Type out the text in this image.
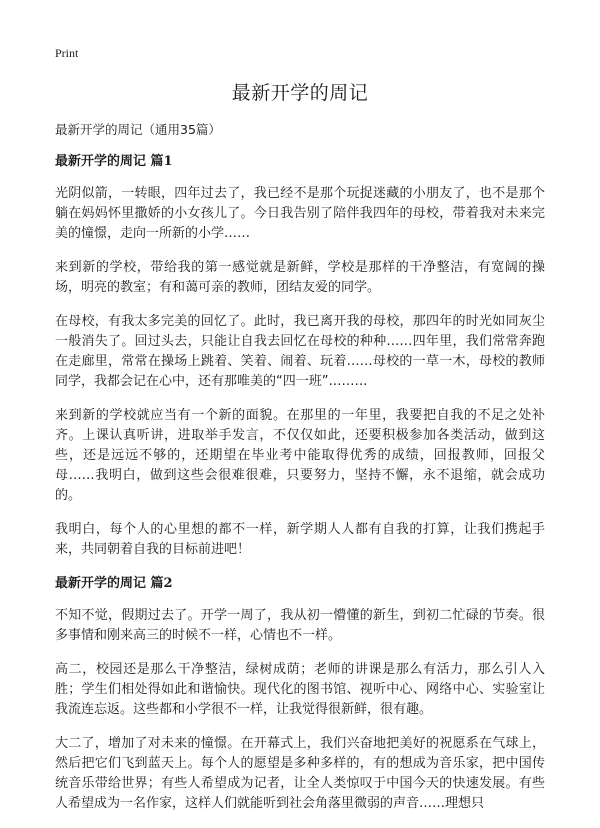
Print
最新开学的周记
最新开学的周记（通用35篇）
最新开学的周记 篇1

光阴似箭，一转眼，四年过去了，我已经不是那个玩捉迷藏的小朋友了，也不是那个躺在妈妈怀里撒娇的小女孩儿了。今日我告别了陪伴我四年的母校，带着我对未来完美的憧憬，走向一所新的小学……

来到新的学校，带给我的第一感觉就是新鲜，学校是那样的干净整洁，有宽阔的操场，明亮的教室；有和蔼可亲的教师，团结友爱的同学。

在母校，有我太多完美的回忆了。此时，我已离开我的母校，那四年的时光如同灰尘一般消失了。回过头去，只能让自我去回忆在母校的种种……四年里，我们常常奔跑在走廊里，常常在操场上跳着、笑着、闹着、玩着……母校的一草一木，母校的教师同学，我都会记在心中，还有那唯美的“四一班”………

来到新的学校就应当有一个新的面貌。在那里的一年里，我要把自我的不足之处补齐。上课认真听讲，进取举手发言，不仅仅如此，还要积极参加各类活动，做到这些，还是远远不够的，还期望在毕业考中能取得优秀的成绩，回报教师，回报父母……我明白，做到这些会很难很难，只要努力，坚持不懈，永不退缩，就会成功的。

我明白，每个人的心里想的都不一样，新学期人人都有自我的打算，让我们携起手来，共同朝着自我的目标前进吧！

最新开学的周记 篇2

不知不觉，假期过去了。开学一周了，我从初一懵懂的新生，到初二忙碌的节奏。很多事情和刚来高三的时候不一样，心情也不一样。

高二，校园还是那么干净整洁，绿树成荫；老师的讲课是那么有活力，那么引人入胜；学生们相处得如此和谐愉快。现代化的图书馆、视听中心、网络中心、实验室让我流连忘返。这些都和小学很不一样，让我觉得很新鲜，很有趣。

大二了，增加了对未来的憧憬。在开幕式上，我们兴奋地把美好的祝愿系在气球上，然后把它们飞到蓝天上。每个人的愿望是多种多样的，有的想成为音乐家，把中国传统音乐带给世界；有些人希望成为记者，让全人类惊叹于中国今天的快速发展。有些人希望成为一名作家，这样人们就能听到社会角落里微弱的声音……理想只
